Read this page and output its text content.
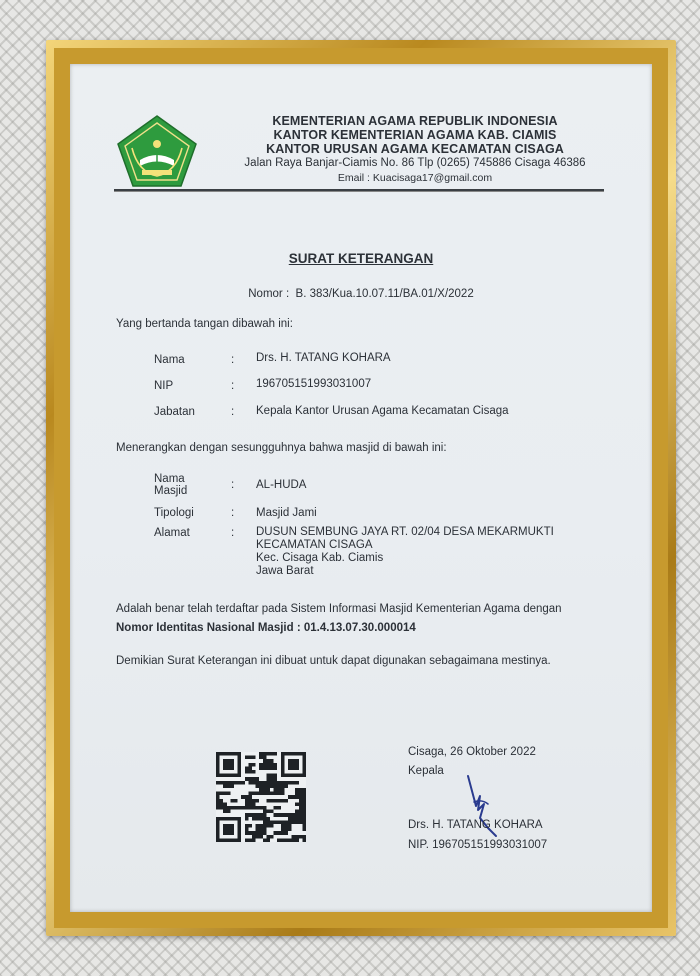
KEMENTERIAN AGAMA REPUBLIK INDONESIA
KANTOR KEMENTERIAN AGAMA KAB. CIAMIS
KANTOR URUSAN AGAMA KECAMATAN CISAGA
Jalan Raya Banjar-Ciamis No. 86 Tlp (0265) 745886 Cisaga 46386
Email : Kuacisaga17@gmail.com
SURAT KETERANGAN
Nomor :  B. 383/Kua.10.07.11/BA.01/X/2022
Yang bertanda tangan dibawah ini:
Nama	: Drs. H. TATANG KOHARA
NIP	: 196705151993031007
Jabatan	: Kepala Kantor Urusan Agama Kecamatan Cisaga
Menerangkan dengan sesungguhnya bahwa masjid di bawah ini:
Nama
Masjid	: AL-HUDA
Tipologi	: Masjid Jami
Alamat	: DUSUN SEMBUNG JAYA RT. 02/04 DESA MEKARMUKTI
KECAMATAN CISAGA
Kec. Cisaga Kab. Ciamis
Jawa Barat
Adalah benar telah terdaftar pada Sistem Informasi Masjid Kementerian Agama dengan
Nomor Identitas Nasional Masjid : 01.4.13.07.30.000014
Demikian Surat Keterangan ini dibuat untuk dapat digunakan sebagaimana mestinya.
Cisaga, 26 Oktober 2022
Kepala
Drs. H. TATANG KOHARA
NIP. 196705151993031007
